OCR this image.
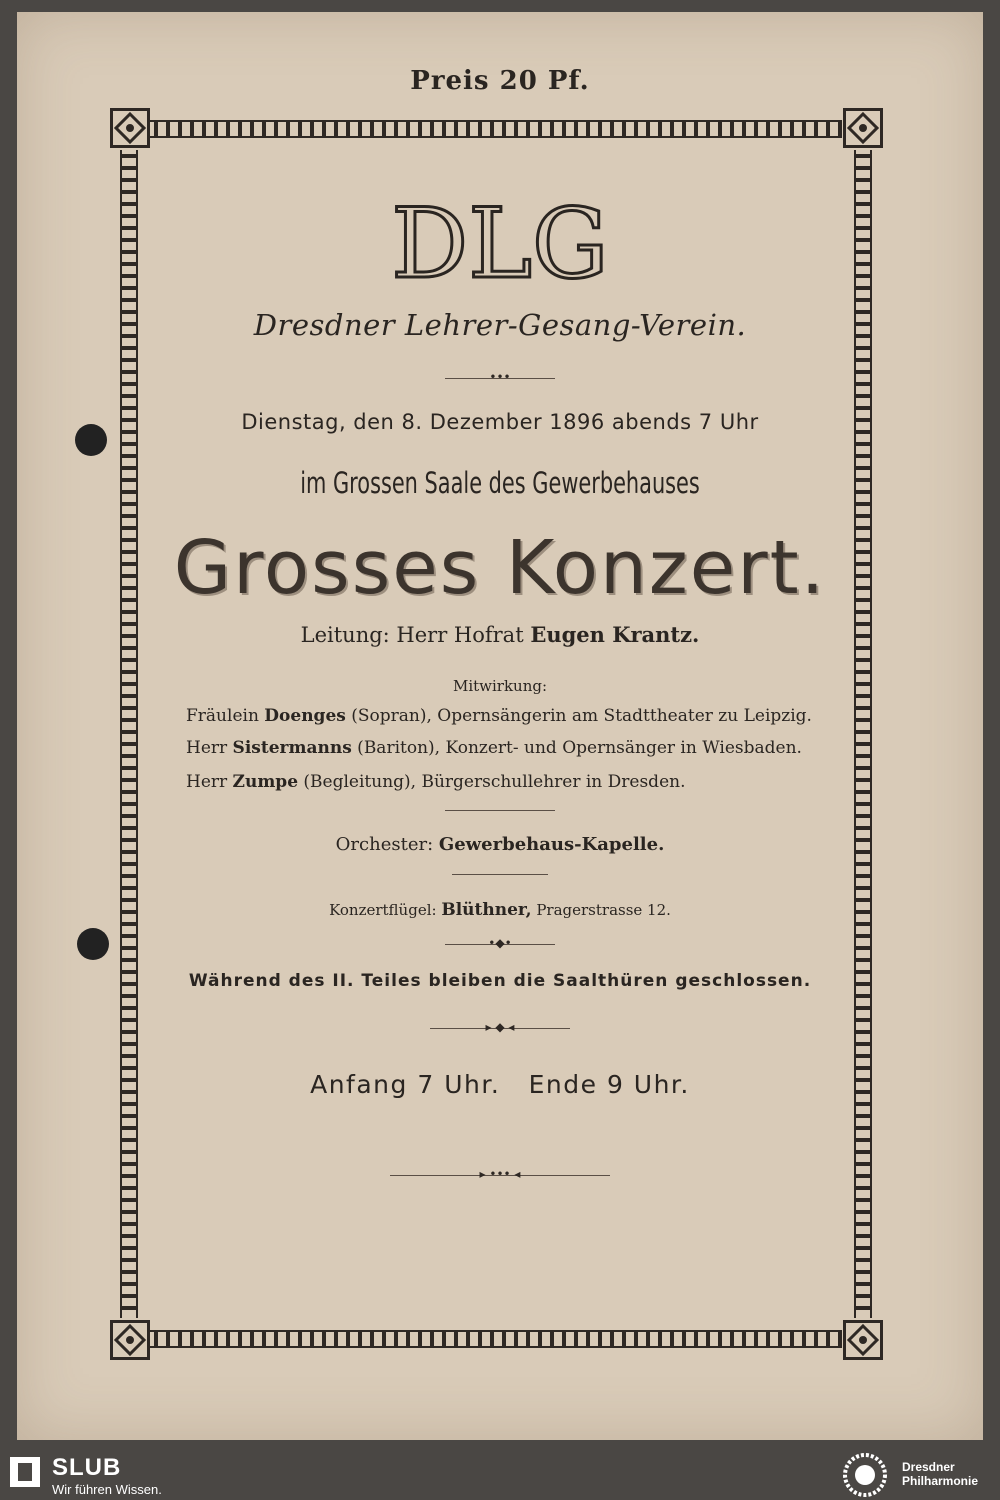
Preis 20 Pf.
DLG
Dresdner Lehrer-Gesang-Verein.
•••
Dienstag, den 8. Dezember 1896 abends 7 Uhr
im Grossen Saale des Gewerbehauses
Grosses Konzert.
Leitung: Herr Hofrat Eugen Krantz.
Mitwirkung:
Fräulein Doenges (Sopran), Opernsängerin am Stadttheater zu Leipzig.
Herr Sistermanns (Bariton), Konzert- und Opernsänger in Wiesbaden.
Herr Zumpe (Begleitung), Bürgerschullehrer in Dresden.
Orchester: Gewerbehaus-Kapelle.
Konzertflügel: Blüthner, Pragerstrasse 12.
•◆•
Während des II. Teiles bleiben die Saalthüren geschlossen.
▸ ◆ ◂
Anfang 7 Uhr.   Ende 9 Uhr.
▸ ••• ◂
SLUB
Wir führen Wissen.
Dresdner
Philharmonie
